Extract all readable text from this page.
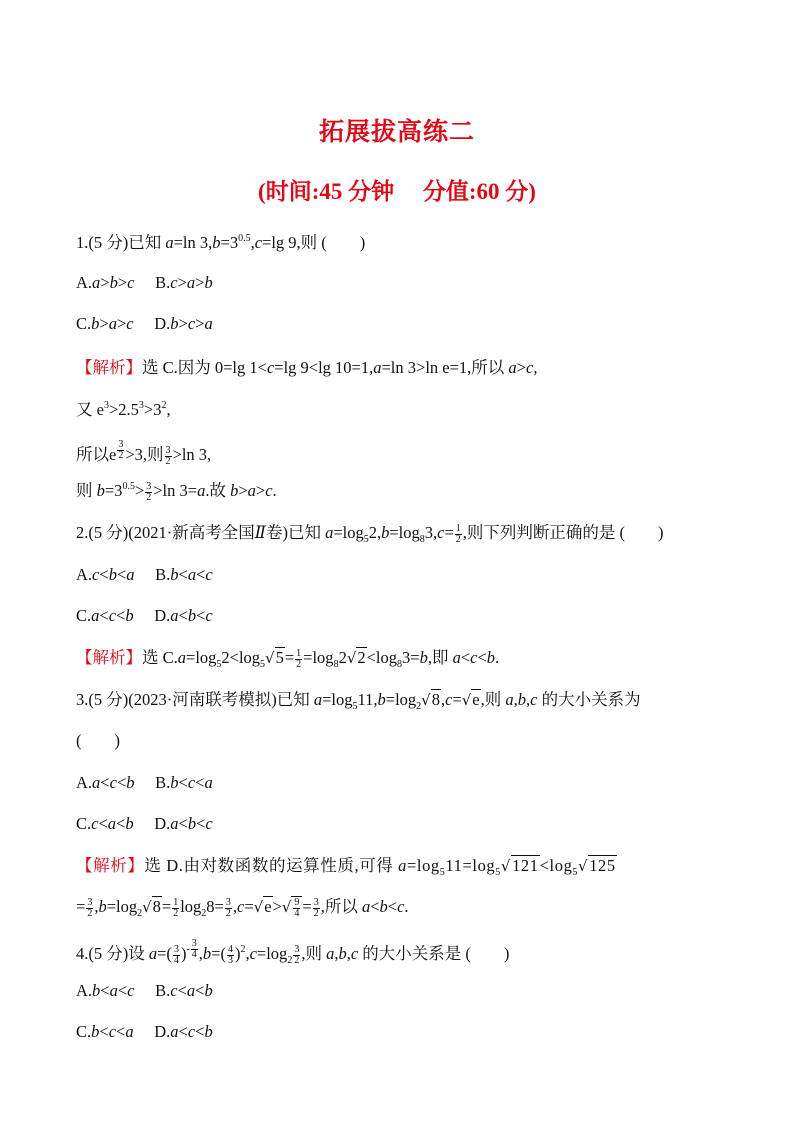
拓展拔高练二
(时间:45 分钟　 分值:60 分)
1.(5 分)已知 a=ln $3,b=3^{0.5},c=\lg$ 9,则 (　　)
A.a>b>c　 B.c>a>b
C.b>a>c　 D.b>c>a
【解析】选 C.因为 0=lg 1<c=lg 9<lg 10=1,a=ln 3>ln e=1,所以 a>c,
又 $e^3>2.5^3>3^2$,
所以e $^{\frac{3}{2}}$ >3,则 $\frac{3}{2} >\ln$ 3,
则 $b=3^{0.5}> \frac{3}{2} >\ln$ 3=a.故 b>a>c.
2.(5 分)(2021·新高考全国Ⅱ卷)已知 $a=\log_52,b=\log_83,c= \frac{1}{2}$ ,则下列判断正确的是 (　　)
A.c<b<a　 B.b<a<c
C.a<c<b　 D.a<b<c
【解析】选 $C.a=\log_52<\log_5√5= \frac{1}{2} =\log_82√2<\log_83=b$,即 a<c<b.
3.(5 分)(2023·河南联考模拟)已知 $a=\log_511,b=\log_2√8,c=√e$,则 a,b,c 的大小关系为
(　　)
A.a<c<b　 B.b<c<a
C.c<a<b　 D.a<b<c
【解析】选 D.由对数函数的运算性质,可得 $a=\log_511=\log_5√121<\log_5√125$
= $\frac{3}{2} ,b=\log_2√8= \frac{1}{2} \log_28= \frac{3}{2} ,c=√e>√ \frac{9}{4} = \frac{3}{2}$ ,所以 a<b<c.
4.(5 分)设 $a=( \frac{3}{4} )^{- \frac{3}{4}}$ $,b=( \frac{4}{3} )^2,c=\log_2 \frac{3}{2}$ ,则 a,b,c 的大小关系是 (　　)
A.b<a<c　 B.c<a<b
C.b<c<a　 D.a<c<b
